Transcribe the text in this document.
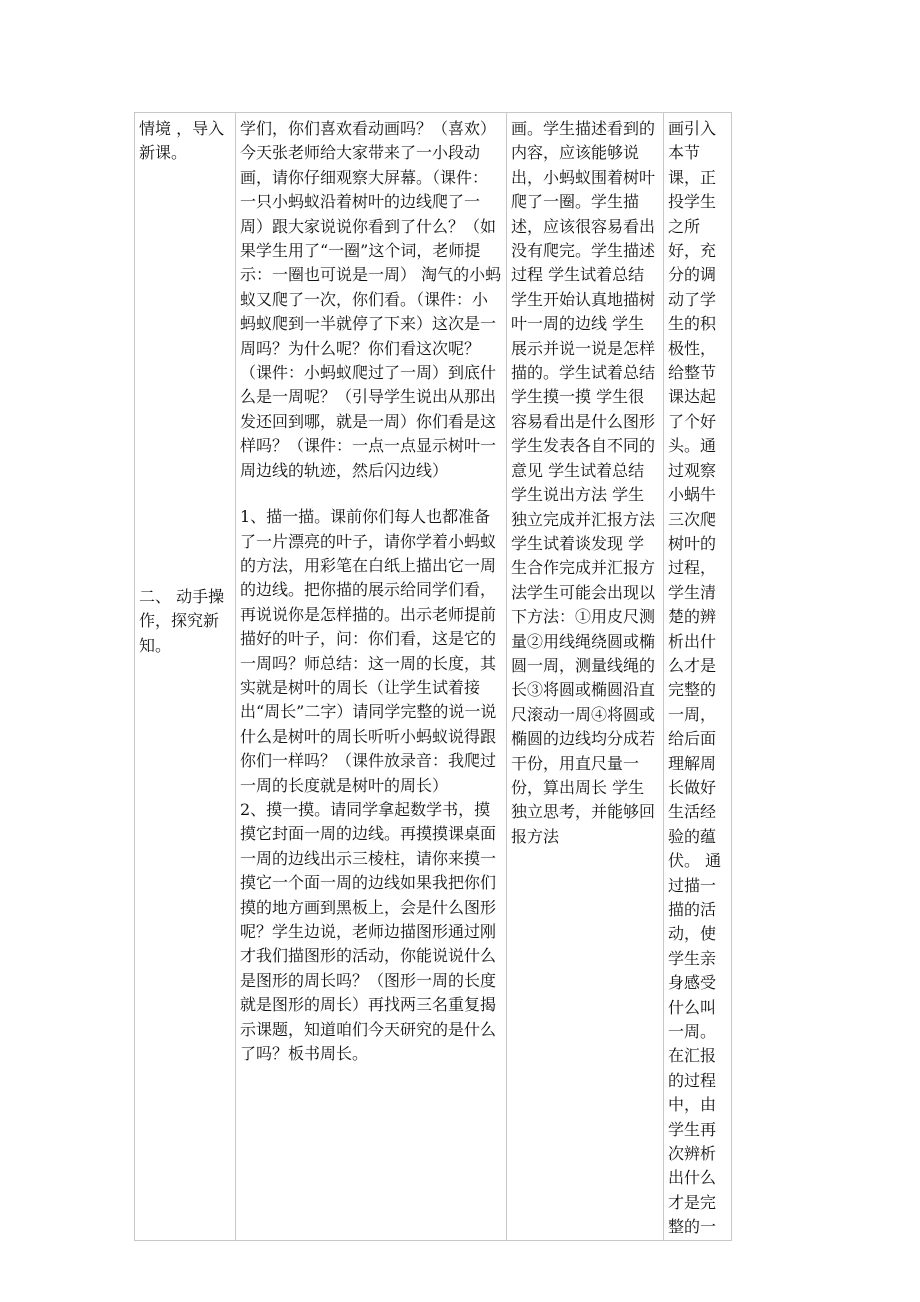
情境 ，导入新课。
二、 动手操作，探究新知。

学们，你们喜欢看动画吗？（喜欢）今天张老师给大家带来了一小段动画，请你仔细观察大屏幕。（课件：一只小蚂蚁沿着树叶的边线爬了一周）跟大家说说你看到了什么？（如果学生用了“一圈”这个词，老师提示：一圈也可说是一周） 淘气的小蚂蚁又爬了一次，你们看。（课件：小蚂蚁爬到一半就停了下来）这次是一周吗？为什么呢？你们看这次呢？（课件：小蚂蚁爬过了一周）到底什么是一周呢？（引导学生说出从那出发还回到哪，就是一周）你们看是这样吗？（课件：一点一点显示树叶一周边线的轨迹，然后闪边线）
1、描一描。课前你们每人也都准备了一片漂亮的叶子，请你学着小蚂蚁的方法，用彩笔在白纸上描出它一周的边线。把你描的展示给同学们看，再说说你是怎样描的。出示老师提前描好的叶子，问：你们看，这是它的一周吗？师总结：这一周的长度，其实就是树叶的周长（让学生试着接出“周长”二字）请同学完整的说一说什么是树叶的周长听听小蚂蚁说得跟你们一样吗？（课件放录音：我爬过一周的长度就是树叶的周长）
2、摸一摸。请同学拿起数学书，摸摸它封面一周的边线。再摸摸课桌面一周的边线出示三棱柱，请你来摸一摸它一个面一周的边线如果我把你们摸的地方画到黑板上，会是什么图形呢？学生边说，老师边描图形通过刚才我们描图形的活动，你能说说什么是图形的周长吗？（图形一周的长度就是图形的周长）再找两三名重复揭示课题，知道咱们今天研究的是什么了吗？板书周长。

画。学生描述看到的内容，应该能够说出，小蚂蚁围着树叶爬了一圈。学生描述，应该很容易看出没有爬完。学生描述过程 学生试着总结 学生开始认真地描树叶一周的边线 学生展示并说一说是怎样描的。学生试着总结 学生摸一摸 学生很容易看出是什么图形 学生发表各自不同的意见 学生试着总结 学生说出方法 学生独立完成并汇报方法学生试着谈发现 学生合作完成并汇报方法学生可能会出现以下方法：①用皮尺测量②用线绳绕圆或椭圆一周，测量线绳的长③将圆或椭圆沿直尺滚动一周④将圆或椭圆的边线均分成若干份，用直尺量一份，算出周长 学生独立思考，并能够回报方法

画引入本节课，正投学生之所好，充分的调动了学生的积极性，给整节课达起了个好头。通过观察小蜗牛三次爬树叶的过程，学生清楚的辨析出什么才是完整的一周，给后面理解周长做好生活经验的蕴伏。 通过描一描的活动，使学生亲身感受什么叫一周。 在汇报的过程中，由学生再次辨析出什么才是完整的一
